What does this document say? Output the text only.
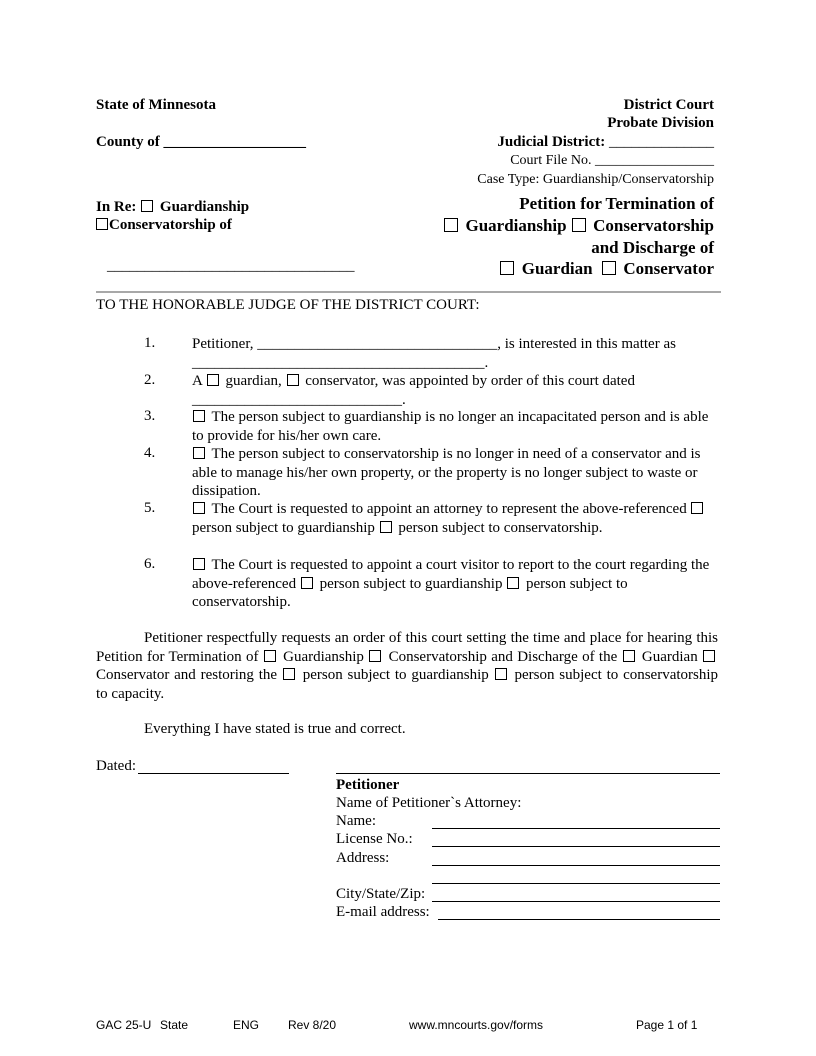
State of Minnesota
County of ___________________
District Court
Probate Division
Judicial District: ______________
Court File No. _________________
Case Type: Guardianship/Conservatorship
In Re: Guardianship
Conservatorship of
_________________________________
Petition for Termination of
Guardianship Conservatorship
and Discharge of
Guardian Conservator
TO THE HONORABLE JUDGE OF THE DISTRICT COURT:
1. Petitioner, ________________________________, is interested in this matter as
_______________________________________.
2. A guardian, conservator, was appointed by order of this court dated
____________________________.
3.	The person subject to guardianship is no longer an incapacitated person and is able to provide for his/her own care.
4.	The person subject to conservatorship is no longer in need of a conservator and is able to manage his/her own property, or the property is no longer subject to waste or dissipation.
5.	The Court is requested to appoint an attorney to represent the above-referenced  person subject to guardianship person subject to conservatorship.
6.	The Court is requested to appoint a court visitor to report to the court regarding the above-referenced person subject to guardianship person subject to conservatorship.
Petitioner respectfully requests an order of this court setting the time and place for hearing this Petition for Termination of Guardianship Conservatorship and Discharge of the Guardian  Conservator and restoring the person subject to guardianship person subject to conservatorship to capacity.
Everything I have stated is true and correct.
Dated:
Petitioner
Name of Petitioner`s Attorney:
Name:
License No.:
Address:
City/State/Zip:
E-mail address:
GAC 25-U State	ENG Rev 8/20	www.mncourts.gov/forms	Page 1 of 1
